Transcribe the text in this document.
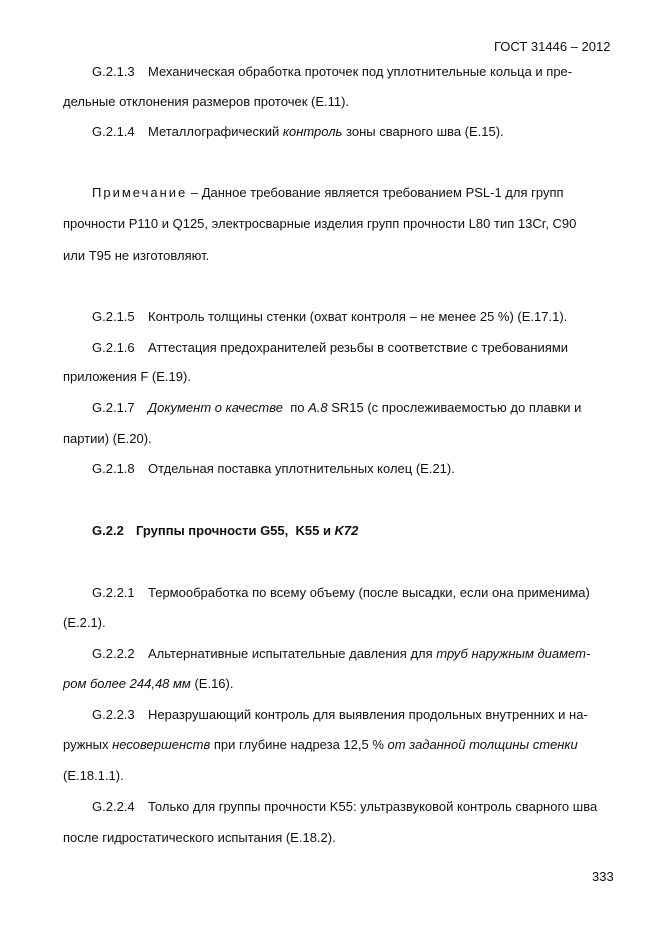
ГОСТ 31446 – 2012
G.2.1.3 Механическая обработка проточек под уплотнительные кольца и пре-
дельные отклонения размеров проточек (Е.11).
G.2.1.4 Металлографический контроль зоны сварного шва (Е.15).
Примечание – Данное требование является требованием PSL-1 для групп
прочности Р110 и Q125, электросварные изделия групп прочности L80 тип 13Cr, С90
или Т95 не изготовляют.
G.2.1.5 Контроль толщины стенки (охват контроля – не менее 25 %) (Е.17.1).
G.2.1.6 Аттестация предохранителей резьбы в соответствие с требованиями
приложения F (Е.19).
G.2.1.7 Документ о качестве  по А.8 SR15 (с прослеживаемостью до плавки и
партии) (Е.20).
G.2.1.8 Отдельная поставка уплотнительных колец (Е.21).
G.2.2 Группы прочности G55,  K55 и K72
G.2.2.1 Термообработка по всему объему (после высадки, если она применима)
(Е.2.1).
G.2.2.2 Альтернативные испытательные давления для труб наружным диамет-
ром более 244,48 мм (Е.16).
G.2.2.3 Неразрушающий контроль для выявления продольных внутренних и на-
ружных несовершенств при глубине надреза 12,5 % от заданной толщины стенки
(Е.18.1.1).
G.2.2.4 Только для группы прочности K55: ультразвуковой контроль сварного шва
после гидростатического испытания (Е.18.2).
333
